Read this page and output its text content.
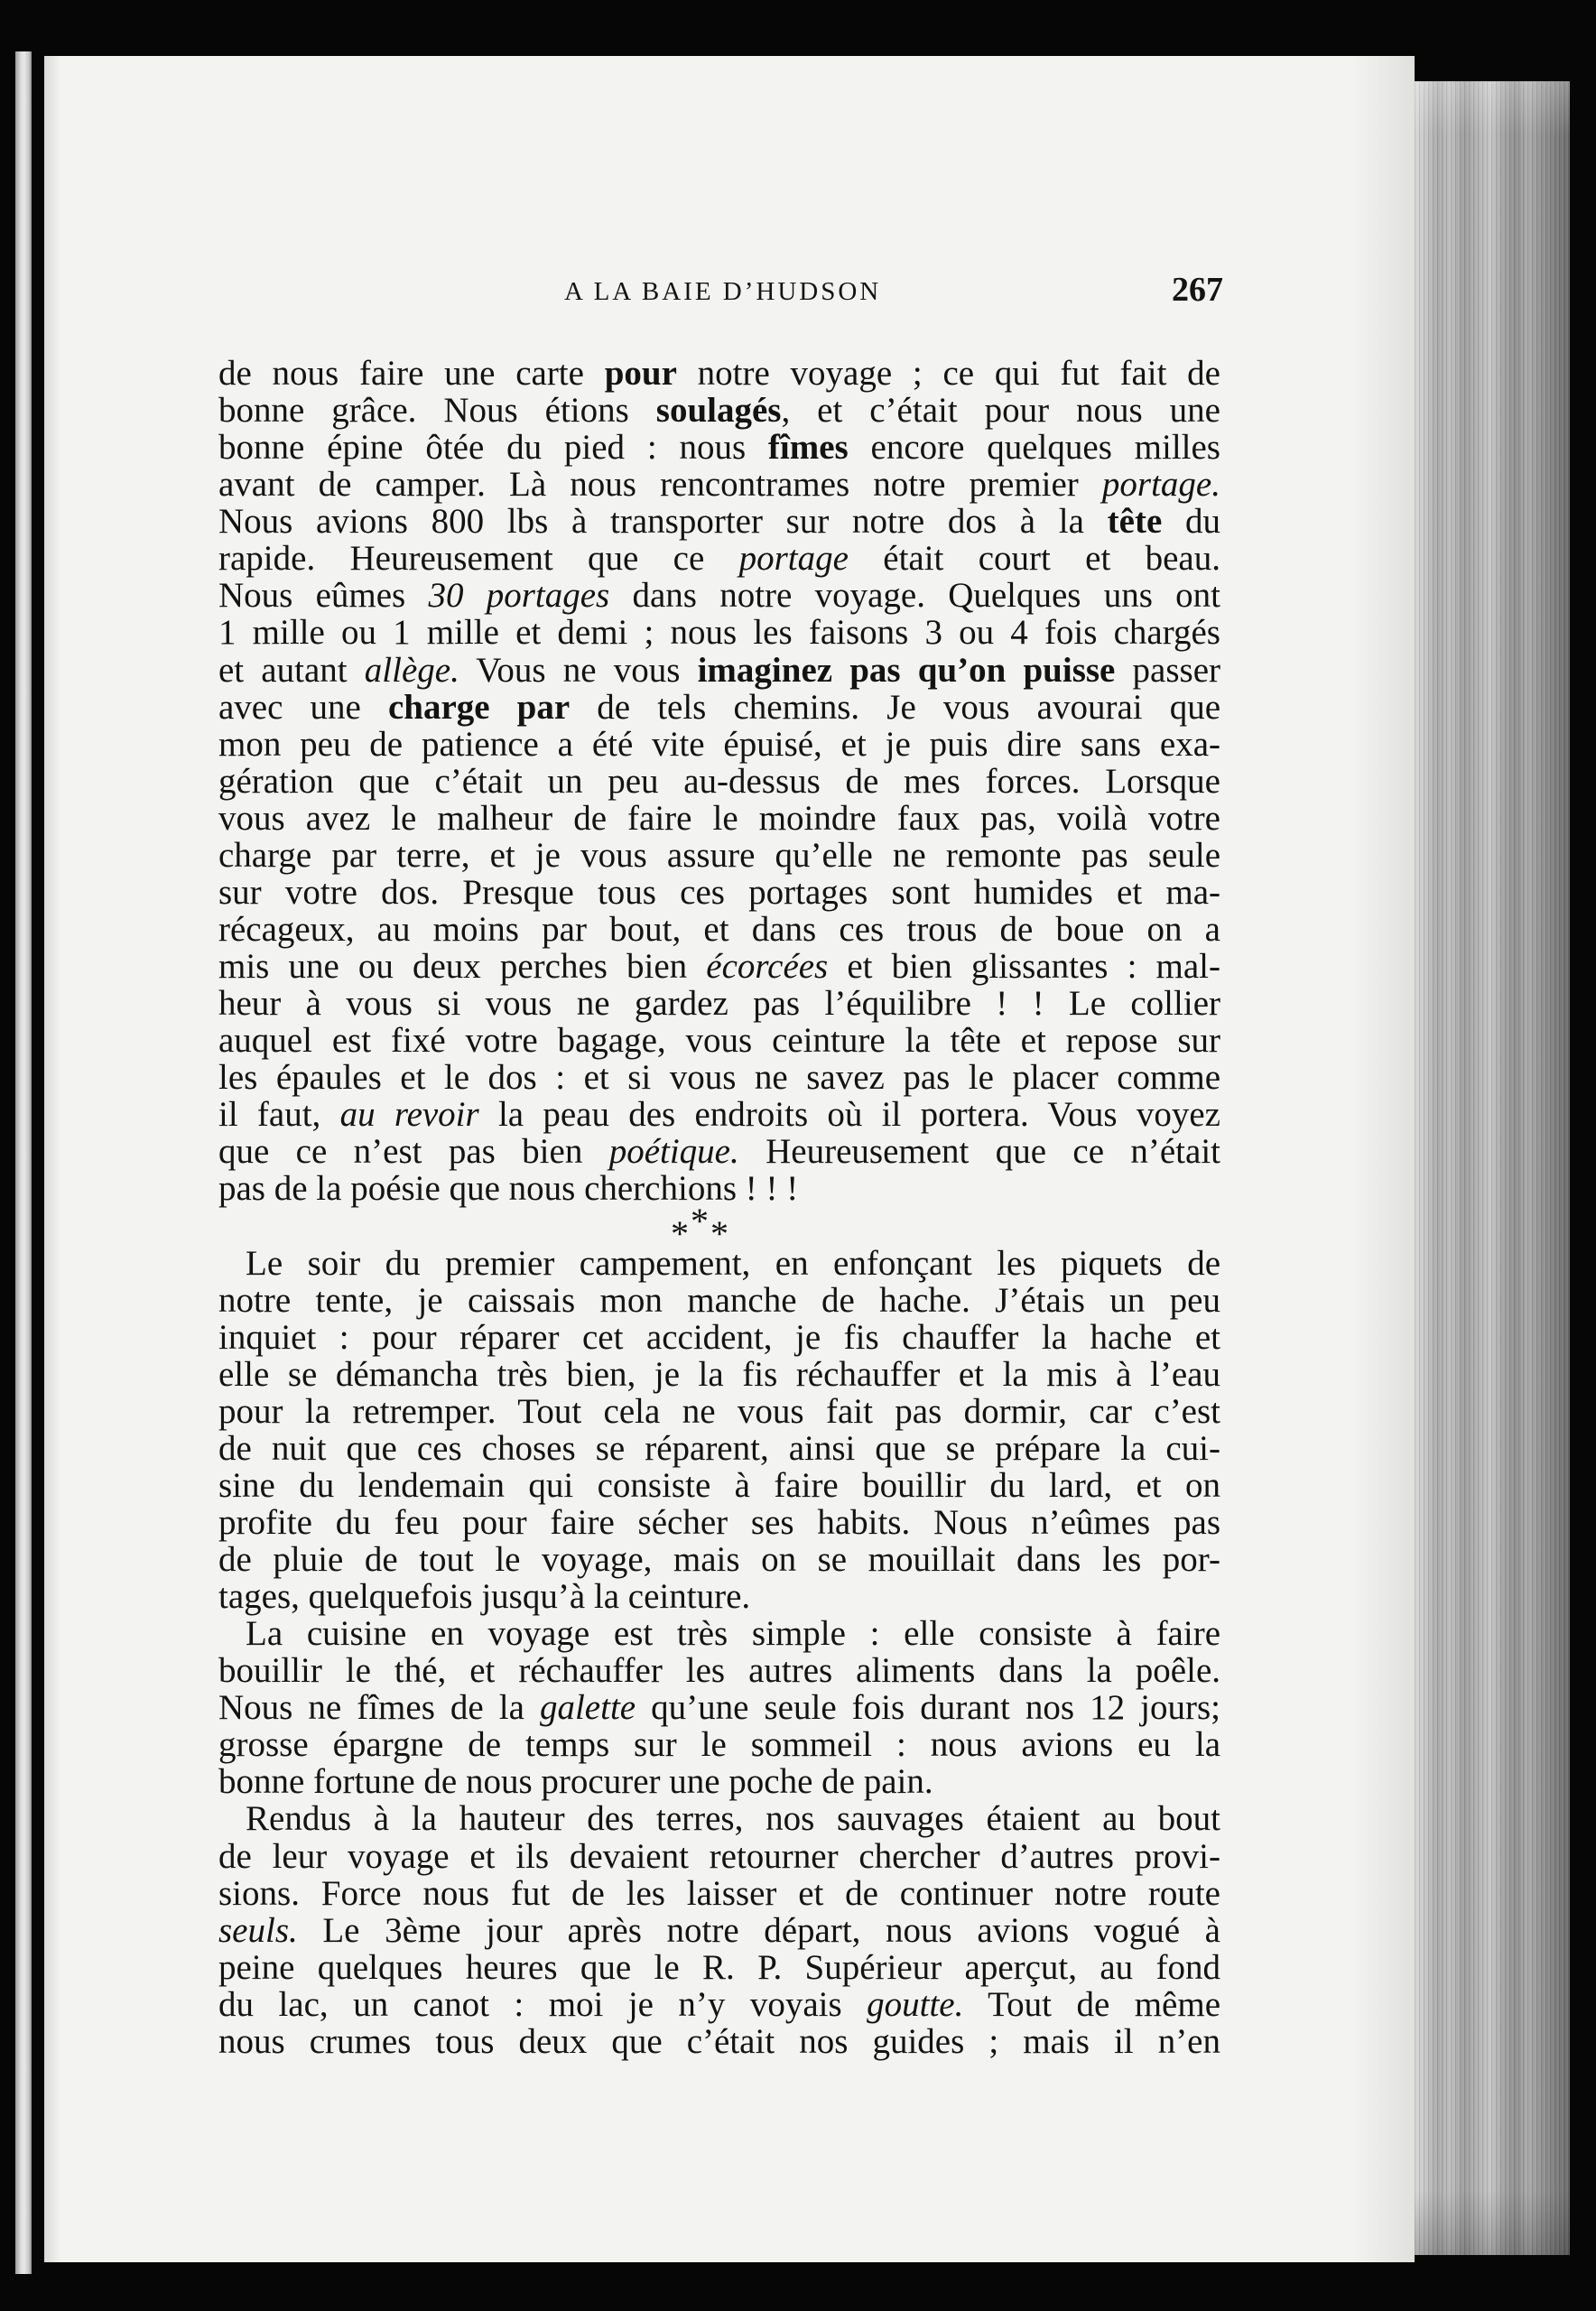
A LA BAIE D’HUDSON	267
de nous faire une carte pour notre voyage ; ce qui fut fait de
bonne grâce. Nous étions soulagés, et c’était pour nous une
bonne épine ôtée du pied : nous fîmes encore quelques milles
avant de camper. Là nous rencontrames notre premier portage.
Nous avions 800 lbs à transporter sur notre dos à la tête du
rapide. Heureusement que ce portage était court et beau.
Nous eûmes 30 portages dans notre voyage. Quelques uns ont
1 mille ou 1 mille et demi ; nous les faisons 3 ou 4 fois chargés
et autant allège. Vous ne vous imaginez pas qu’on puisse passer
avec une charge par de tels chemins. Je vous avourai que
mon peu de patience a été vite épuisé, et je puis dire sans exa-
gération que c’était un peu au-dessus de mes forces. Lorsque
vous avez le malheur de faire le moindre faux pas, voilà votre
charge par terre, et je vous assure qu’elle ne remonte pas seule
sur votre dos. Presque tous ces portages sont humides et ma-
récageux, au moins par bout, et dans ces trous de boue on a
mis une ou deux perches bien écorcées et bien glissantes : mal-
heur à vous si vous ne gardez pas l’équilibre ! ! Le collier
auquel est fixé votre bagage, vous ceinture la tête et repose sur
les épaules et le dos : et si vous ne savez pas le placer comme
il faut, au revoir la peau des endroits où il portera. Vous voyez
que ce n’est pas bien poétique. Heureusement que ce n’était
pas de la poésie que nous cherchions ! ! !
***
Le soir du premier campement, en enfonçant les piquets de
notre tente, je caissais mon manche de hache. J’étais un peu
inquiet : pour réparer cet accident, je fis chauffer la hache et
elle se démancha très bien, je la fis réchauffer et la mis à l’eau
pour la retremper. Tout cela ne vous fait pas dormir, car c’est
de nuit que ces choses se réparent, ainsi que se prépare la cui-
sine du lendemain qui consiste à faire bouillir du lard, et on
profite du feu pour faire sécher ses habits. Nous n’eûmes pas
de pluie de tout le voyage, mais on se mouillait dans les por-
tages, quelquefois jusqu’à la ceinture.
La cuisine en voyage est très simple : elle consiste à faire
bouillir le thé, et réchauffer les autres aliments dans la poêle.
Nous ne fîmes de la galette qu’une seule fois durant nos 12 jours;
grosse épargne de temps sur le sommeil : nous avions eu la
bonne fortune de nous procurer une poche de pain.
Rendus à la hauteur des terres, nos sauvages étaient au bout
de leur voyage et ils devaient retourner chercher d’autres provi-
sions. Force nous fut de les laisser et de continuer notre route
seuls. Le 3ème jour après notre départ, nous avions vogué à
peine quelques heures que le R. P. Supérieur aperçut, au fond
du lac, un canot : moi je n’y voyais goutte. Tout de même
nous crumes tous deux que c’était nos guides ; mais il n’en
